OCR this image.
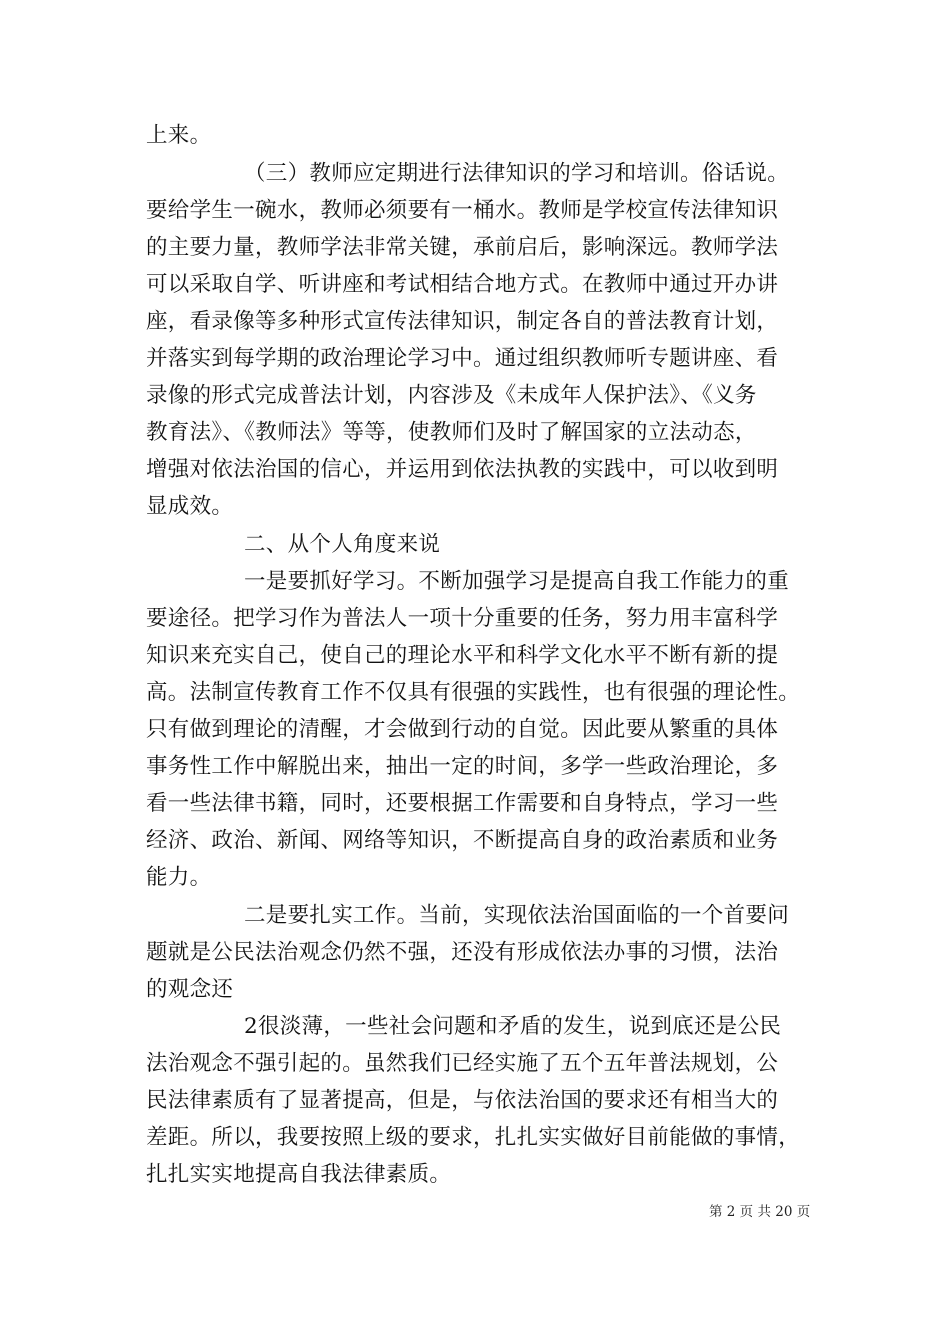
上来。
（三）教师应定期进行法律知识的学习和培训。俗话说。
要给学生一碗水，教师必须要有一桶水。教师是学校宣传法律知识
的主要力量，教师学法非常关键，承前启后，影响深远。教师学法
可以采取自学、听讲座和考试相结合地方式。在教师中通过开办讲
座，看录像等多种形式宣传法律知识，制定各自的普法教育计划，
并落实到每学期的政治理论学习中。通过组织教师听专题讲座、看
录像的形式完成普法计划，内容涉及《未成年人保护法》、《义务
教育法》、《教师法》等等，使教师们及时了解国家的立法动态，
增强对依法治国的信心，并运用到依法执教的实践中，可以收到明
显成效。
二、从个人角度来说
一是要抓好学习。不断加强学习是提高自我工作能力的重
要途径。把学习作为普法人一项十分重要的任务，努力用丰富科学
知识来充实自己，使自己的理论水平和科学文化水平不断有新的提
高。法制宣传教育工作不仅具有很强的实践性，也有很强的理论性。
只有做到理论的清醒，才会做到行动的自觉。因此要从繁重的具体
事务性工作中解脱出来，抽出一定的时间，多学一些政治理论，多
看一些法律书籍，同时，还要根据工作需要和自身特点，学习一些
经济、政治、新闻、网络等知识，不断提高自身的政治素质和业务
能力。
二是要扎实工作。当前，实现依法治国面临的一个首要问
题就是公民法治观念仍然不强，还没有形成依法办事的习惯，法治
的观念还
2很淡薄，一些社会问题和矛盾的发生，说到底还是公民
法治观念不强引起的。虽然我们已经实施了五个五年普法规划，公
民法律素质有了显著提高，但是，与依法治国的要求还有相当大的
差距。所以，我要按照上级的要求，扎扎实实做好目前能做的事情，
扎扎实实地提高自我法律素质。
第 2 页 共 20 页
